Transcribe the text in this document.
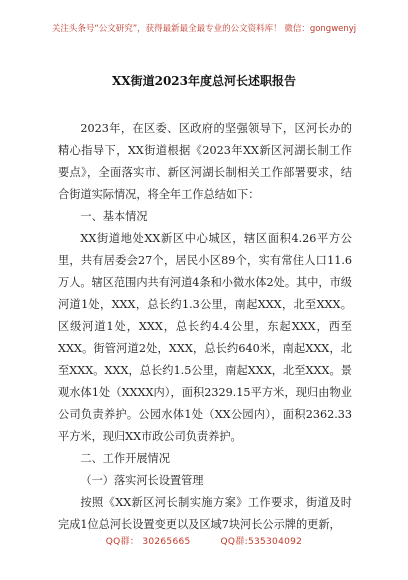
关注头条号“公文研究”，获得最新最全最专业的公文资料库！ 微信：gongwenyj
XX街道2023年度总河长述职报告

2023年，在区委、区政府的坚强领导下，区河长办的精心指导下，XX街道根据《2023年XX新区河湖长制工作要点》，全面落实市、新区河湖长制相关工作部署要求，结合街道实际情况，将全年工作总结如下：

一、基本情况

XX街道地处XX新区中心城区，辖区面积4.26平方公里，共有居委会27个，居民小区89个，实有常住人口11.6万人。辖区范围内共有河道4条和小微水体2处。其中，市级河道1处，XXX，总长约1.3公里，南起XXX，北至XXX。区级河道1处，XXX，总长约4.4公里，东起XXX，西至XXX。街管河道2处，XXX，总长约640米，南起XXX，北至XXX。XXX，总长约1.5公里，南起XXX，北至XXX。景观水体1处（XXXX内），面积2329.15平方米，现归由物业公司负责养护。公园水体1处（XX公园内），面积2362.33平方米，现归XX市政公司负责养护。

二、工作开展情况

（一）落实河长设置管理

按照《XX新区河长制实施方案》工作要求，街道及时完成1位总河长设置变更以及区域7块河长公示牌的更新，

QQ群： 30265665	QQ群:535304092
